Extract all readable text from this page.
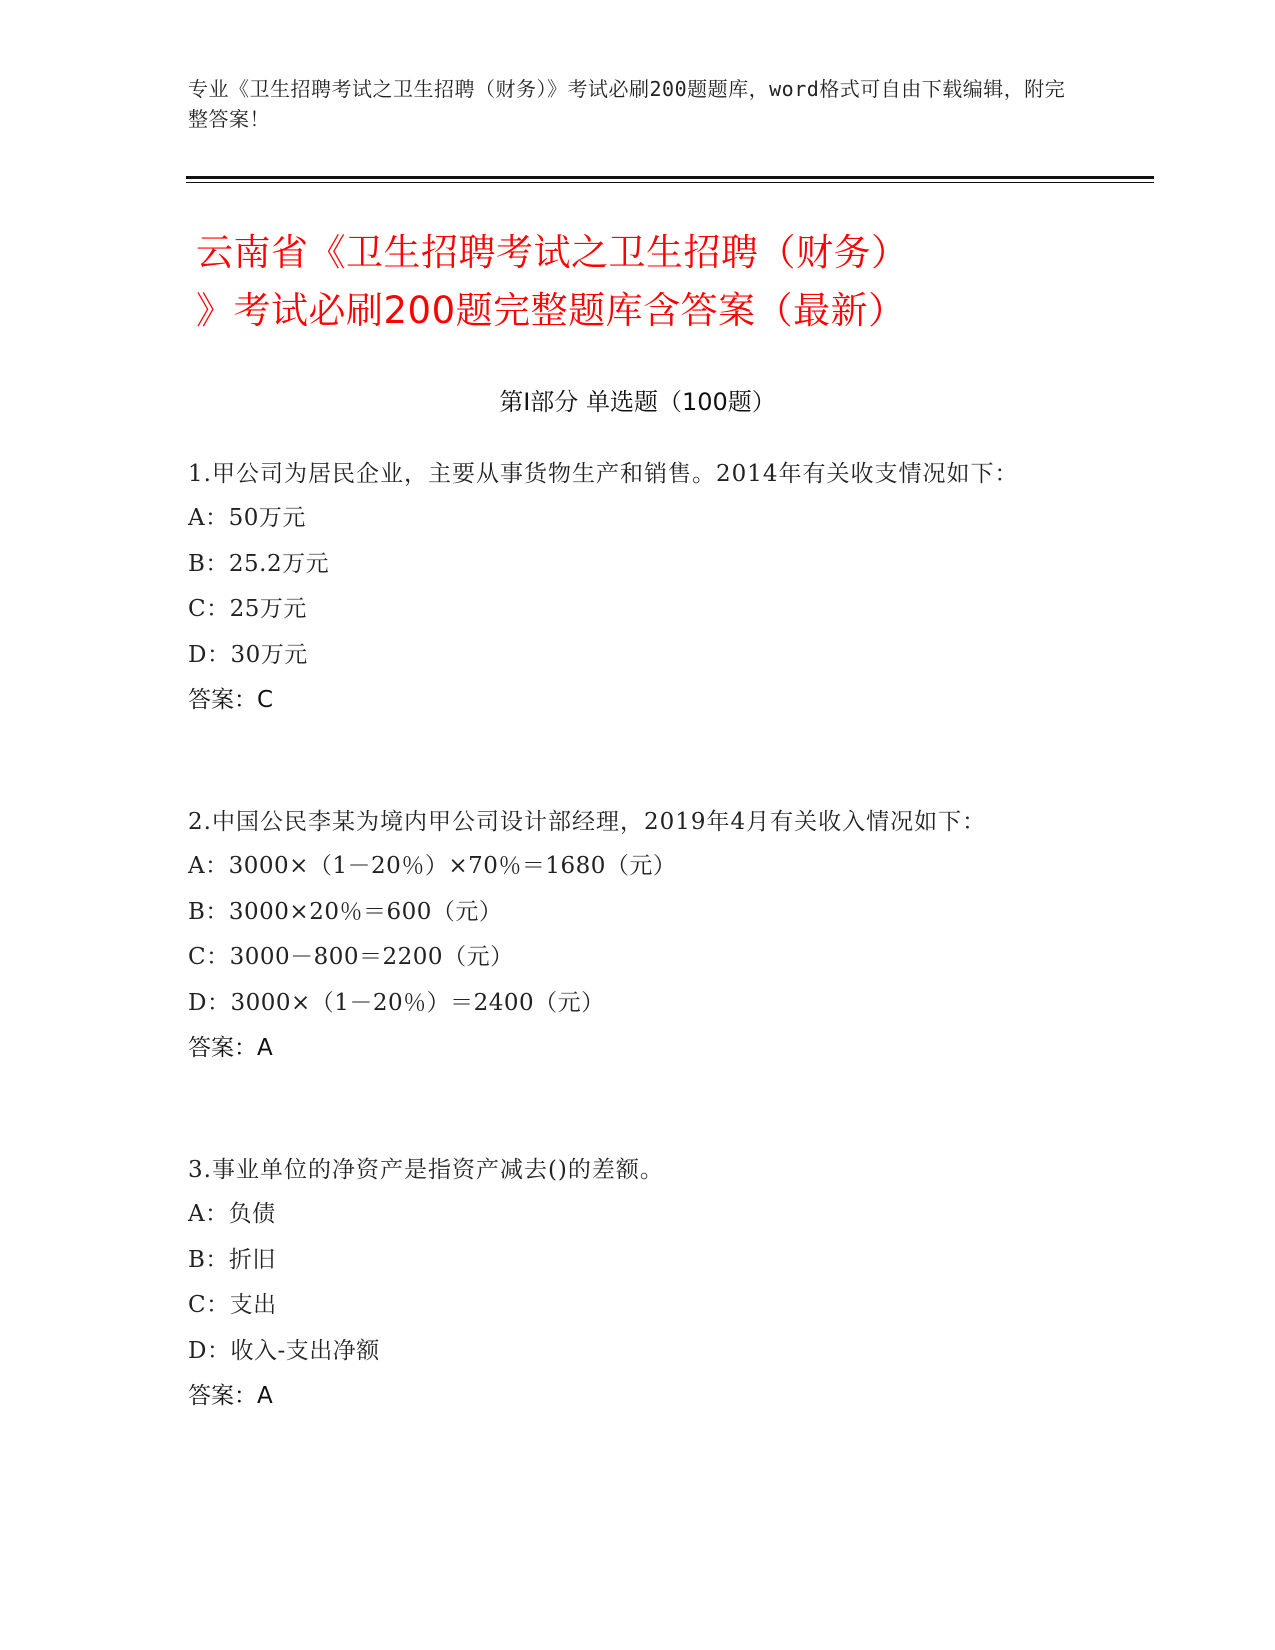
专业《卫生招聘考试之卫生招聘（财务）》考试必刷200题题库，word格式可自由下载编辑，附完整答案！
云南省《卫生招聘考试之卫生招聘（财务）
》考试必刷200题完整题库含答案（最新）
第I部分 单选题（100题）
1.甲公司为居民企业，主要从事货物生产和销售。2014年有关收支情况如下：
A：50万元
B：25.2万元
C：25万元
D：30万元
答案：C
2.中国公民李某为境内甲公司设计部经理，2019年4月有关收入情况如下：
A：3000×（1－20％）×70％＝1680（元）
B：3000×20％＝600（元）
C：3000－800＝2200（元）
D：3000×（1－20％）＝2400（元）
答案：A
3.事业单位的净资产是指资产减去()的差额。
A：负债
B：折旧
C：支出
D：收入-支出净额
答案：A
